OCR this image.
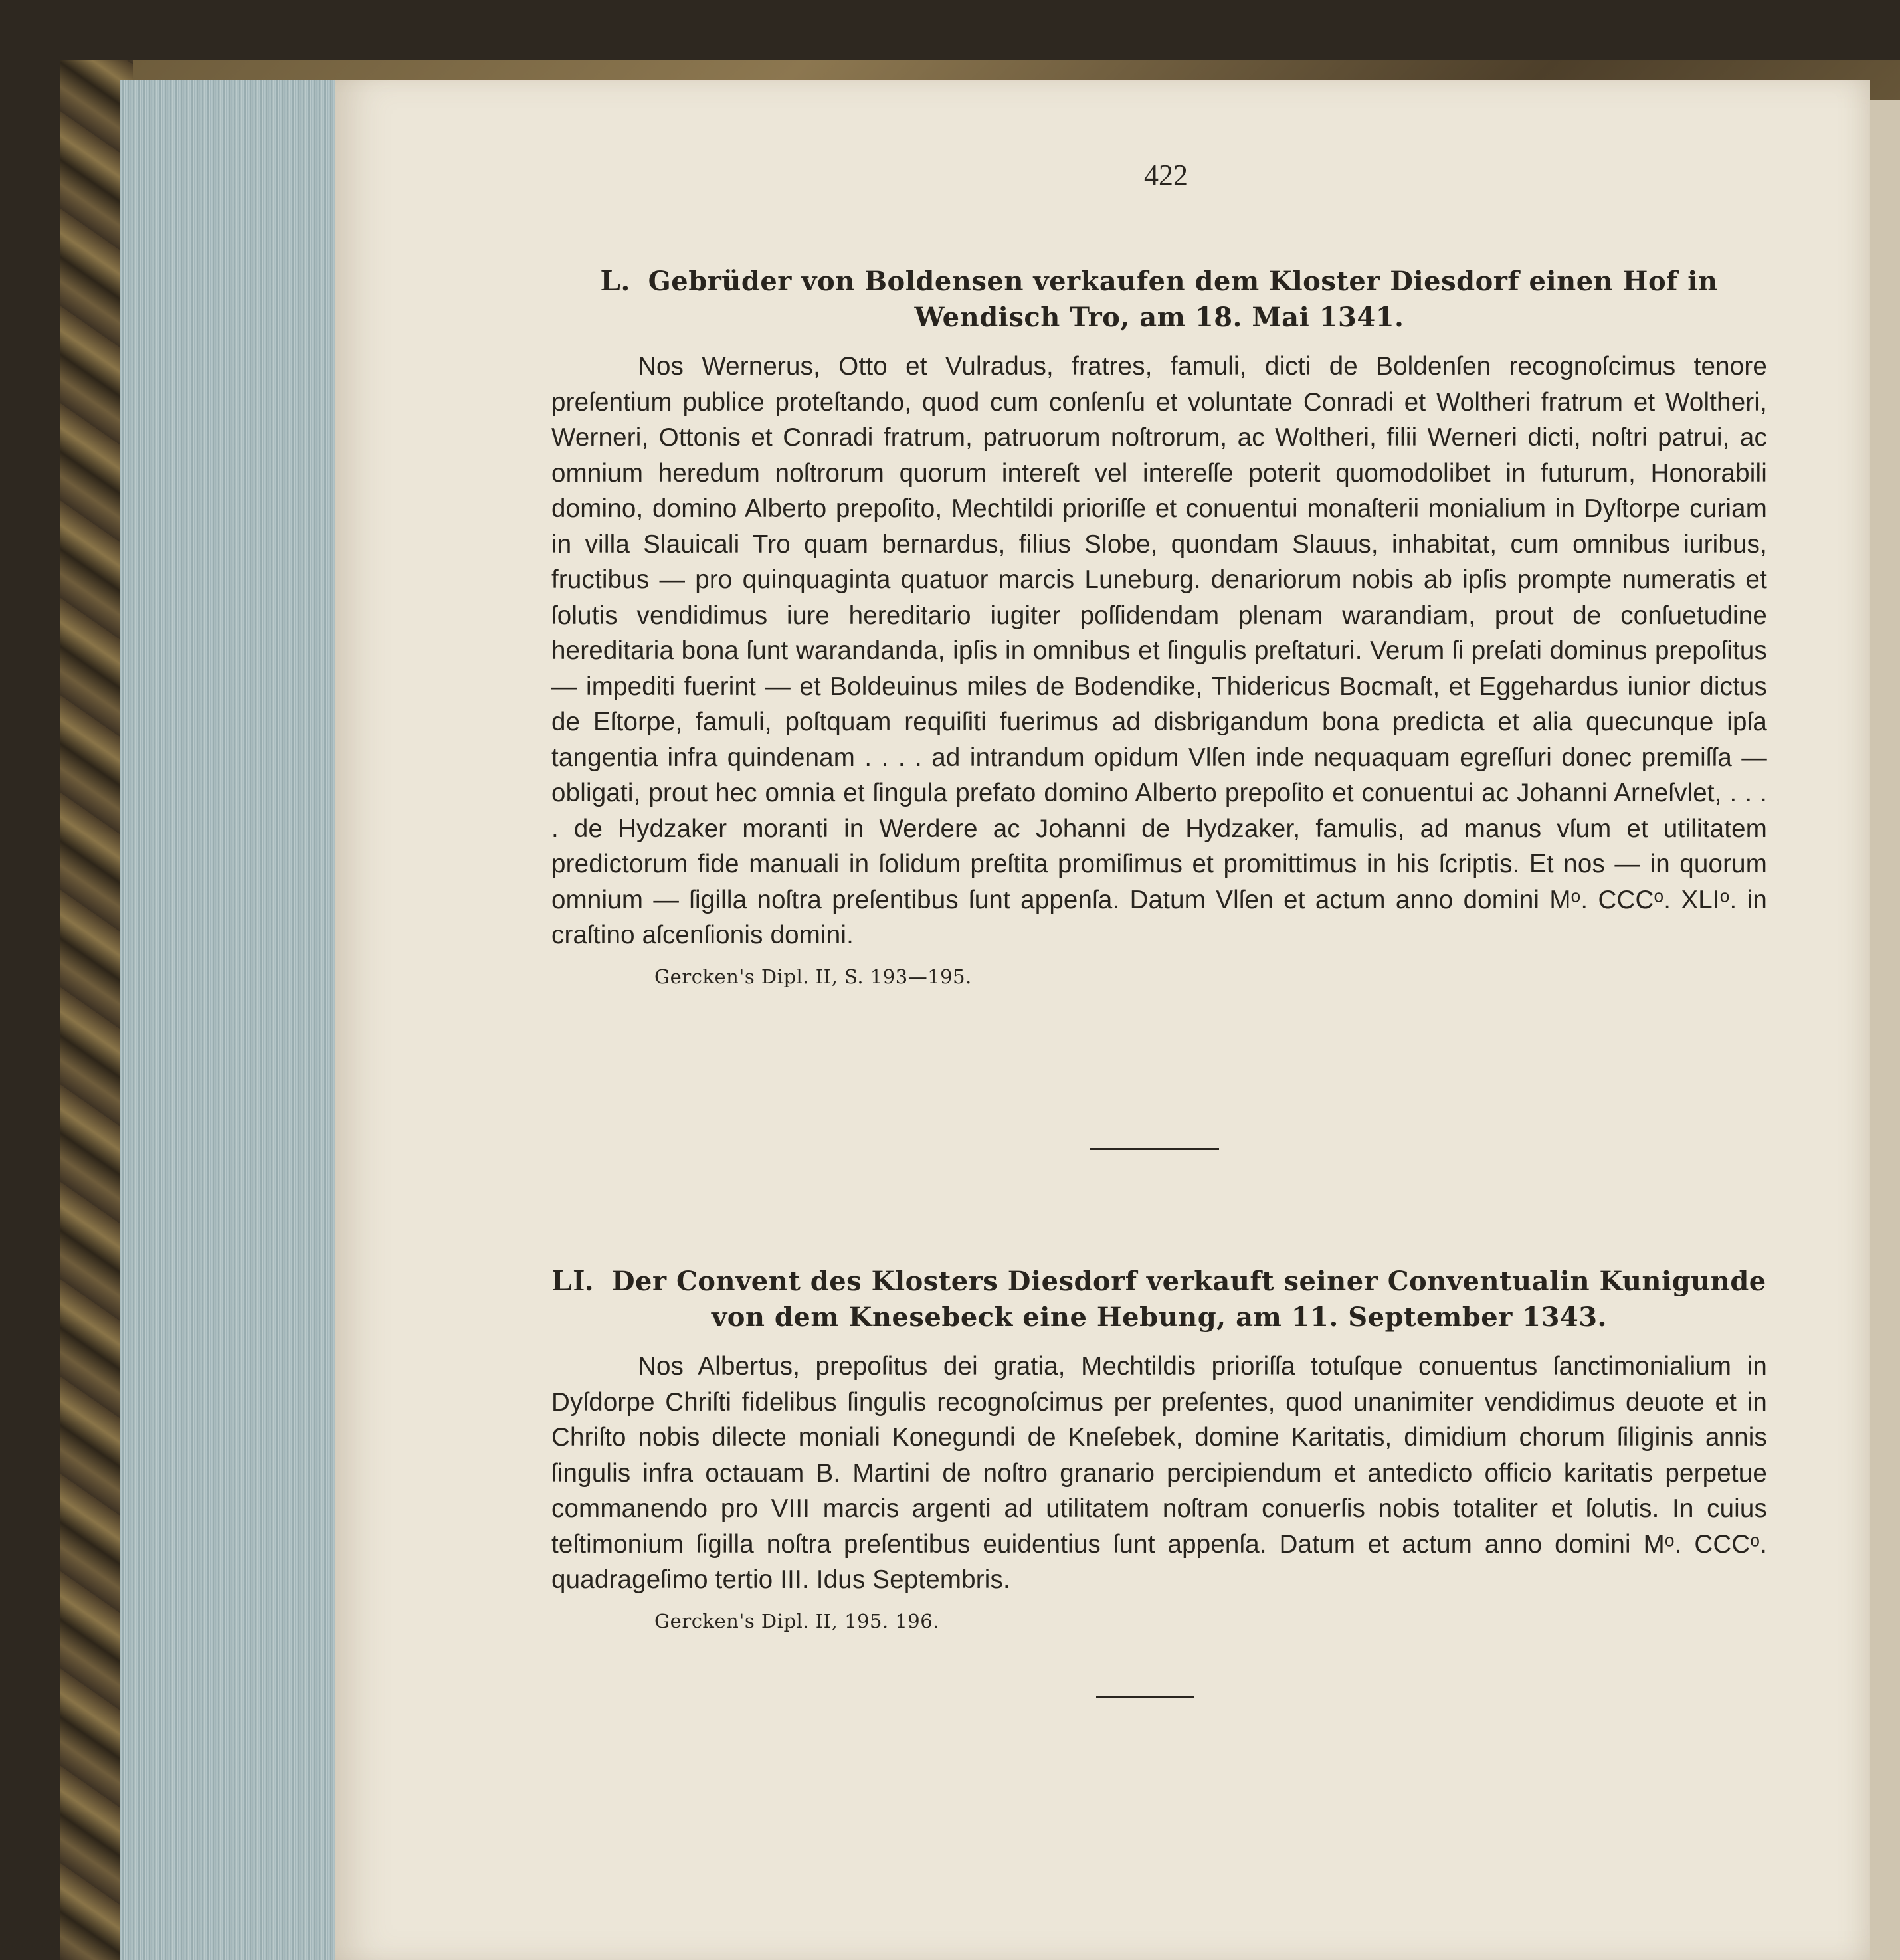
422
L. Gebrüder von Boldensen verkaufen dem Kloster Diesdorf einen Hof in Wendisch Tro, am 18. Mai 1341.
Nos Wernerus, Otto et Vulradus, fratres, famuli, dicti de Boldenſen recognoſcimus tenore preſentium publice proteſtando, quod cum conſenſu et voluntate Conradi et Woltheri fratrum et Woltheri, Werneri, Ottonis et Conradi fratrum, patruorum noſtrorum, ac Woltheri, filii Werneri dicti, noſtri patrui, ac omnium heredum noſtrorum quorum intereſt vel intereſſe poterit quomodolibet in futurum, Honorabili domino, domino Alberto prepoſito, Mechtildi prioriſſe et conuentui monaſterii monialium in Dyſtorpe curiam in villa Slauicali Tro quam bernardus, filius Slobe, quondam Slauus, inhabitat, cum omnibus iuribus, fructibus — pro quinquaginta quatuor marcis Luneburg. denariorum nobis ab ipſis prompte numeratis et ſolutis vendidimus iure hereditario iugiter poſſidendam plenam warandiam, prout de conſuetudine hereditaria bona ſunt warandanda, ipſis in omnibus et ſingulis preſtaturi. Verum ſi preſati dominus prepoſitus — impediti fuerint — et Boldeuinus miles de Bodendike, Thidericus Bocmaſt, et Eggehardus iunior dictus de Eſtorpe, famuli, poſtquam requiſiti fuerimus ad disbrigandum bona predicta et alia quecunque ipſa tangentia infra quindenam . . . . ad intrandum opidum Vlſen inde nequaquam egreſſuri donec premiſſa — obligati, prout hec omnia et ſingula prefato domino Alberto prepoſito et conuentui ac Johanni Arneſvlet, . . . . de Hydzaker moranti in Werdere ac Johanni de Hydzaker, famulis, ad manus vſum et utilitatem predictorum fide manuali in ſolidum preſtita promiſimus et promittimus in his ſcriptis. Et nos — in quorum omnium — ſigilla noſtra preſentibus ſunt appenſa. Datum Vlſen et actum anno domini Mᵒ. CCCᵒ. XLIᵒ. in craſtino aſcenſionis domini.
Gercken's Dipl. II, S. 193—195.
LI. Der Convent des Klosters Diesdorf verkauft seiner Conventualin Kunigunde von dem Knesebeck eine Hebung, am 11. September 1343.
Nos Albertus, prepoſitus dei gratia, Mechtildis prioriſſa totuſque conuentus ſanctimonialium in Dyſdorpe Chriſti fidelibus ſingulis recognoſcimus per preſentes, quod unanimiter vendidimus deuote et in Chriſto nobis dilecte moniali Konegundi de Kneſebek, domine Karitatis, dimidium chorum ſiliginis annis ſingulis infra octauam B. Martini de noſtro granario percipiendum et antedicto officio karitatis perpetue commanendo pro VIII marcis argenti ad utilitatem noſtram conuerſis nobis totaliter et ſolutis. In cuius teſtimonium ſigilla noſtra preſentibus euidentius ſunt appenſa. Datum et actum anno domini Mᵒ. CCCᵒ. quadrageſimo tertio III. Idus Septembris.
Gercken's Dipl. II, 195. 196.
